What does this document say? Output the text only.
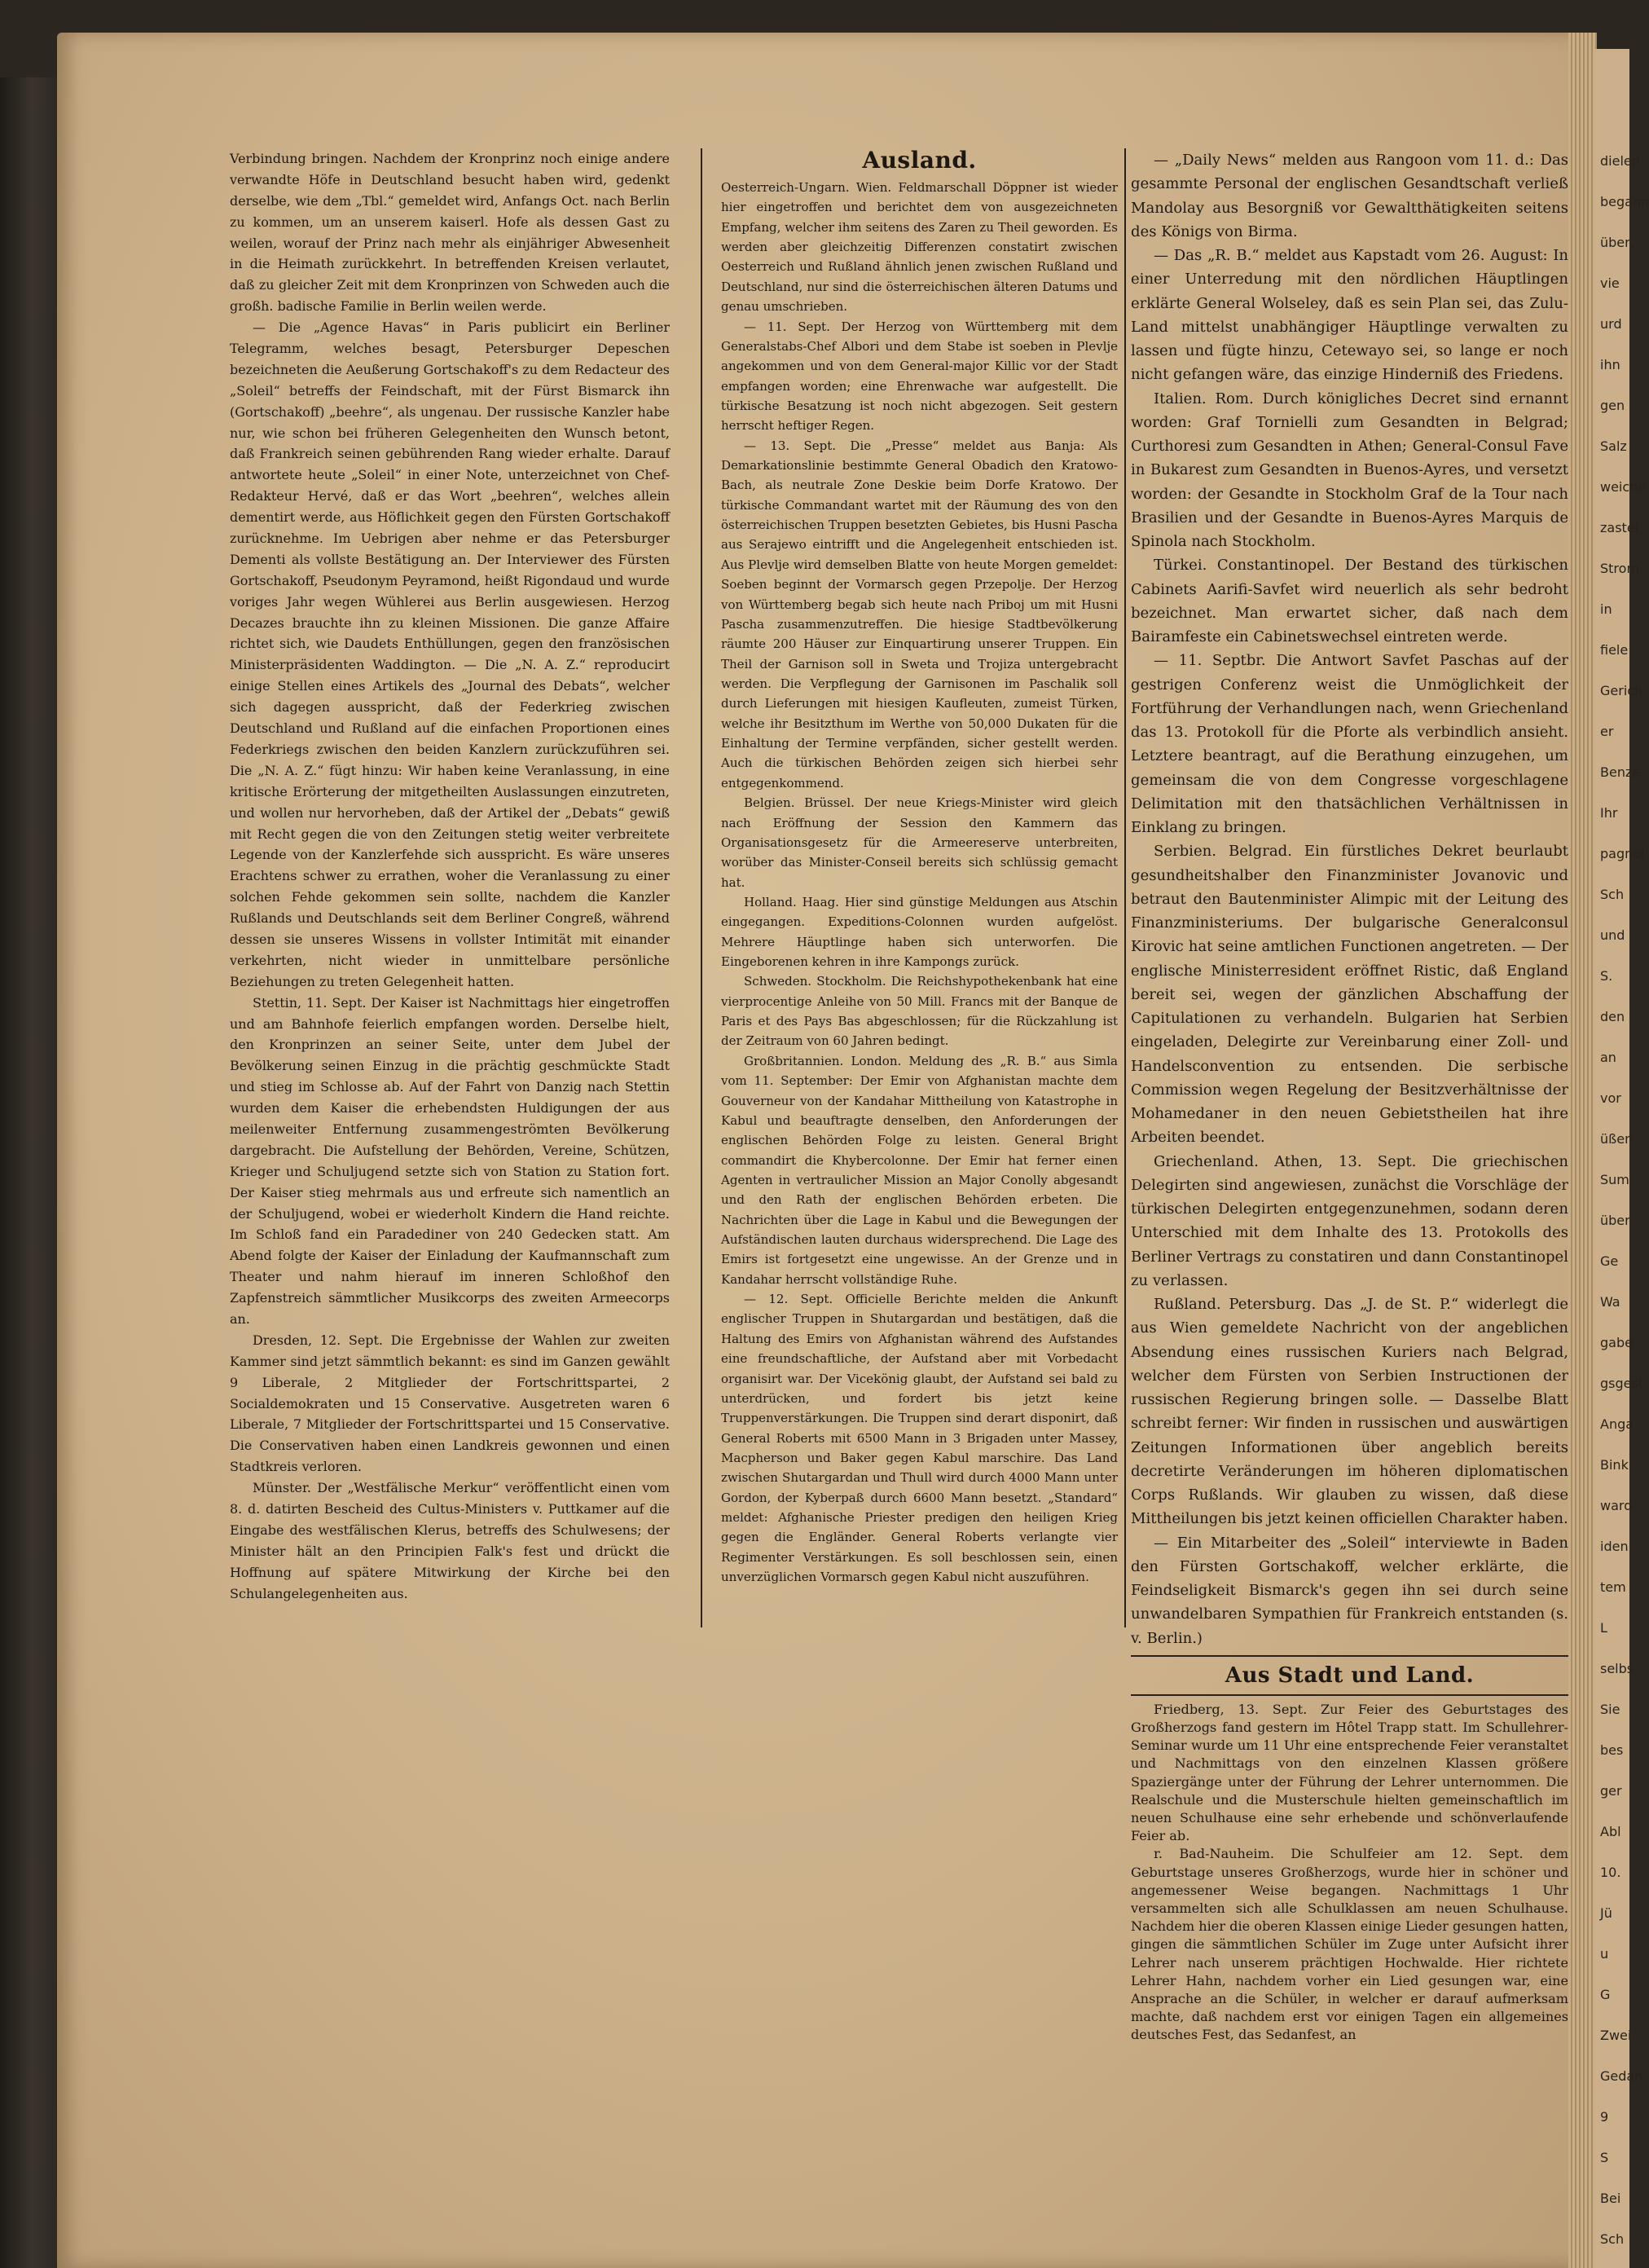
dielen
begann
über,
vie
urd
ihn
gen
Salz
weiche
zastel
Strom
in
fiele
Gerich
er
Benze
Ihr
pagnol
Sch
und
S.
den
an
vor
üßen
Sum
über
Ge
Wa
gabe
gsgest
Anga
Bink
ward
iden
tem
L
selbs
Sie
bes
ger
Abl
10.
Jü
u
G
Zwei
Gedan
9
S
Bei
Sch

Verbindung bringen. Nachdem der Kronprinz noch einige andere verwandte Höfe in Deutschland besucht haben wird, gedenkt derselbe, wie dem „Tbl.“ gemeldet wird, Anfangs Oct. nach Berlin zu kommen, um an unserem kaiserl. Hofe als dessen Gast zu weilen, worauf der Prinz nach mehr als einjähriger Abwesenheit in die Heimath zurückkehrt. In betreffenden Kreisen verlautet, daß zu gleicher Zeit mit dem Kronprinzen von Schweden auch die großh. badische Familie in Berlin weilen werde.

— Die „Agence Havas“ in Paris publicirt ein Berliner Telegramm, welches besagt, Petersburger Depeschen bezeichneten die Aeußerung Gortschakoff's zu dem Redacteur des „Soleil“ betreffs der Feindschaft, mit der Fürst Bismarck ihn (Gortschakoff) „beehre“, als ungenau. Der russische Kanzler habe nur, wie schon bei früheren Gelegenheiten den Wunsch betont, daß Frankreich seinen gebührenden Rang wieder erhalte. Darauf antwortete heute „Soleil“ in einer Note, unterzeichnet von Chef-Redakteur Hervé, daß er das Wort „beehren“, welches allein dementirt werde, aus Höflichkeit gegen den Fürsten Gortschakoff zurücknehme. Im Uebrigen aber nehme er das Petersburger Dementi als vollste Bestätigung an. Der Interviewer des Fürsten Gortschakoff, Pseudonym Peyramond, heißt Rigondaud und wurde voriges Jahr wegen Wühlerei aus Berlin ausgewiesen. Herzog Decazes brauchte ihn zu kleinen Missionen. Die ganze Affaire richtet sich, wie Daudets Enthüllungen, gegen den französischen Ministerpräsidenten Waddington. — Die „N. A. Z.“ reproducirt einige Stellen eines Artikels des „Journal des Debats“, welcher sich dagegen ausspricht, daß der Federkrieg zwischen Deutschland und Rußland auf die einfachen Proportionen eines Federkriegs zwischen den beiden Kanzlern zurückzuführen sei. Die „N. A. Z.“ fügt hinzu: Wir haben keine Veranlassung, in eine kritische Erörterung der mitgetheilten Auslassungen einzutreten, und wollen nur hervorheben, daß der Artikel der „Debats“ gewiß mit Recht gegen die von den Zeitungen stetig weiter verbreitete Legende von der Kanzlerfehde sich ausspricht. Es wäre unseres Erachtens schwer zu errathen, woher die Veranlassung zu einer solchen Fehde gekommen sein sollte, nachdem die Kanzler Rußlands und Deutschlands seit dem Berliner Congreß, während dessen sie unseres Wissens in vollster Intimität mit einander verkehrten, nicht wieder in unmittelbare persönliche Beziehungen zu treten Gelegenheit hatten.

Stettin, 11. Sept. Der Kaiser ist Nachmittags hier eingetroffen und am Bahnhofe feierlich empfangen worden. Derselbe hielt, den Kronprinzen an seiner Seite, unter dem Jubel der Bevölkerung seinen Einzug in die prächtig geschmückte Stadt und stieg im Schlosse ab. Auf der Fahrt von Danzig nach Stettin wurden dem Kaiser die erhebendsten Huldigungen der aus meilenweiter Entfernung zusammengeströmten Bevölkerung dargebracht. Die Aufstellung der Behörden, Vereine, Schützen, Krieger und Schuljugend setzte sich von Station zu Station fort. Der Kaiser stieg mehrmals aus und erfreute sich namentlich an der Schuljugend, wobei er wiederholt Kindern die Hand reichte. Im Schloß fand ein Paradediner von 240 Gedecken statt. Am Abend folgte der Kaiser der Einladung der Kaufmannschaft zum Theater und nahm hierauf im inneren Schloßhof den Zapfenstreich sämmtlicher Musikcorps des zweiten Armeecorps an.

Dresden, 12. Sept. Die Ergebnisse der Wahlen zur zweiten Kammer sind jetzt sämmtlich bekannt: es sind im Ganzen gewählt 9 Liberale, 2 Mitglieder der Fortschrittspartei, 2 Socialdemokraten und 15 Conservative. Ausgetreten waren 6 Liberale, 7 Mitglieder der Fortschrittspartei und 15 Conservative. Die Conservativen haben einen Landkreis gewonnen und einen Stadtkreis verloren.

Münster. Der „Westfälische Merkur“ veröffentlicht einen vom 8. d. datirten Bescheid des Cultus-Ministers v. Puttkamer auf die Eingabe des westfälischen Klerus, betreffs des Schulwesens; der Minister hält an den Principien Falk's fest und drückt die Hoffnung auf spätere Mitwirkung der Kirche bei den Schulangelegenheiten aus.

Ausland.

Oesterreich-Ungarn. Wien. Feldmarschall Döppner ist wieder hier eingetroffen und berichtet dem von ausgezeichneten Empfang, welcher ihm seitens des Zaren zu Theil geworden. Es werden aber gleichzeitig Differenzen constatirt zwischen Oesterreich und Rußland ähnlich jenen zwischen Rußland und Deutschland, nur sind die österreichischen älteren Datums und genau umschrieben.

— 11. Sept. Der Herzog von Württemberg mit dem Generalstabs-Chef Albori und dem Stabe ist soeben in Plevlje angekommen und von dem General-major Killic vor der Stadt empfangen worden; eine Ehrenwache war aufgestellt. Die türkische Besatzung ist noch nicht abgezogen. Seit gestern herrscht heftiger Regen.

— 13. Sept. Die „Presse“ meldet aus Banja: Als Demarkationslinie bestimmte General Obadich den Kratowo-Bach, als neutrale Zone Deskie beim Dorfe Kratowo. Der türkische Commandant wartet mit der Räumung des von den österreichischen Truppen besetzten Gebietes, bis Husni Pascha aus Serajewo eintrifft und die Angelegenheit entschieden ist. Aus Plevlje wird demselben Blatte von heute Morgen gemeldet: Soeben beginnt der Vormarsch gegen Przepolje. Der Herzog von Württemberg begab sich heute nach Priboj um mit Husni Pascha zusammenzutreffen. Die hiesige Stadtbevölkerung räumte 200 Häuser zur Einquartirung unserer Truppen. Ein Theil der Garnison soll in Sweta und Trojiza untergebracht werden. Die Verpflegung der Garnisonen im Paschalik soll durch Lieferungen mit hiesigen Kaufleuten, zumeist Türken, welche ihr Besitzthum im Werthe von 50,000 Dukaten für die Einhaltung der Termine verpfänden, sicher gestellt werden. Auch die türkischen Behörden zeigen sich hierbei sehr entgegenkommend.

Belgien. Brüssel. Der neue Kriegs-Minister wird gleich nach Eröffnung der Session den Kammern das Organisationsgesetz für die Armeereserve unterbreiten, worüber das Minister-Conseil bereits sich schlüssig gemacht hat.

Holland. Haag. Hier sind günstige Meldungen aus Atschin eingegangen. Expeditions-Colonnen wurden aufgelöst. Mehrere Häuptlinge haben sich unterworfen. Die Eingeborenen kehren in ihre Kampongs zurück.

Schweden. Stockholm. Die Reichshypothekenbank hat eine vierprocentige Anleihe von 50 Mill. Francs mit der Banque de Paris et des Pays Bas abgeschlossen; für die Rückzahlung ist der Zeitraum von 60 Jahren bedingt.

Großbritannien. London. Meldung des „R. B.“ aus Simla vom 11. September: Der Emir von Afghanistan machte dem Gouverneur von der Kandahar Mittheilung von Katastrophe in Kabul und beauftragte denselben, den Anforderungen der englischen Behörden Folge zu leisten. General Bright commandirt die Khybercolonne. Der Emir hat ferner einen Agenten in vertraulicher Mission an Major Conolly abgesandt und den Rath der englischen Behörden erbeten. Die Nachrichten über die Lage in Kabul und die Bewegungen der Aufständischen lauten durchaus widersprechend. Die Lage des Emirs ist fortgesetzt eine ungewisse. An der Grenze und in Kandahar herrscht vollständige Ruhe.

— 12. Sept. Officielle Berichte melden die Ankunft englischer Truppen in Shutargardan und bestätigen, daß die Haltung des Emirs von Afghanistan während des Aufstandes eine freundschaftliche, der Aufstand aber mit Vorbedacht organisirt war. Der Vicekönig glaubt, der Aufstand sei bald zu unterdrücken, und fordert bis jetzt keine Truppenverstärkungen. Die Truppen sind derart disponirt, daß General Roberts mit 6500 Mann in 3 Brigaden unter Massey, Macpherson und Baker gegen Kabul marschire. Das Land zwischen Shutargardan und Thull wird durch 4000 Mann unter Gordon, der Kyberpaß durch 6600 Mann besetzt. „Standard“ meldet: Afghanische Priester predigen den heiligen Krieg gegen die Engländer. General Roberts verlangte vier Regimenter Verstärkungen. Es soll beschlossen sein, einen unverzüglichen Vormarsch gegen Kabul nicht auszuführen.

— „Daily News“ melden aus Rangoon vom 11. d.: Das gesammte Personal der englischen Gesandtschaft verließ Mandolay aus Besorgniß vor Gewaltthätigkeiten seitens des Königs von Birma.

— Das „R. B.“ meldet aus Kapstadt vom 26. August: In einer Unterredung mit den nördlichen Häuptlingen erklärte General Wolseley, daß es sein Plan sei, das Zulu-Land mittelst unabhängiger Häuptlinge verwalten zu lassen und fügte hinzu, Cetewayo sei, so lange er noch nicht gefangen wäre, das einzige Hinderniß des Friedens.

Italien. Rom. Durch königliches Decret sind ernannt worden: Graf Tornielli zum Gesandten in Belgrad; Curthoresi zum Gesandten in Athen; General-Consul Fave in Bukarest zum Gesandten in Buenos-Ayres, und versetzt worden: der Gesandte in Stockholm Graf de la Tour nach Brasilien und der Gesandte in Buenos-Ayres Marquis de Spinola nach Stockholm.

Türkei. Constantinopel. Der Bestand des türkischen Cabinets Aarifi-Savfet wird neuerlich als sehr bedroht bezeichnet. Man erwartet sicher, daß nach dem Bairamfeste ein Cabinetswechsel eintreten werde.

— 11. Septbr. Die Antwort Savfet Paschas auf der gestrigen Conferenz weist die Unmöglichkeit der Fortführung der Verhandlungen nach, wenn Griechenland das 13. Protokoll für die Pforte als verbindlich ansieht. Letztere beantragt, auf die Berathung einzugehen, um gemeinsam die von dem Congresse vorgeschlagene Delimitation mit den thatsächlichen Verhältnissen in Einklang zu bringen.

Serbien. Belgrad. Ein fürstliches Dekret beurlaubt gesundheitshalber den Finanzminister Jovanovic und betraut den Bautenminister Alimpic mit der Leitung des Finanzministeriums. Der bulgarische Generalconsul Kirovic hat seine amtlichen Functionen angetreten. — Der englische Ministerresident eröffnet Ristic, daß England bereit sei, wegen der gänzlichen Abschaffung der Capitulationen zu verhandeln. Bulgarien hat Serbien eingeladen, Delegirte zur Vereinbarung einer Zoll- und Handelsconvention zu entsenden. Die serbische Commission wegen Regelung der Besitzverhältnisse der Mohamedaner in den neuen Gebietstheilen hat ihre Arbeiten beendet.

Griechenland. Athen, 13. Sept. Die griechischen Delegirten sind angewiesen, zunächst die Vorschläge der türkischen Delegirten entgegenzunehmen, sodann deren Unterschied mit dem Inhalte des 13. Protokolls des Berliner Vertrags zu constatiren und dann Constantinopel zu verlassen.

Rußland. Petersburg. Das „J. de St. P.“ widerlegt die aus Wien gemeldete Nachricht von der angeblichen Absendung eines russischen Kuriers nach Belgrad, welcher dem Fürsten von Serbien Instructionen der russischen Regierung bringen solle. — Dasselbe Blatt schreibt ferner: Wir finden in russischen und auswärtigen Zeitungen Informationen über angeblich bereits decretirte Veränderungen im höheren diplomatischen Corps Rußlands. Wir glauben zu wissen, daß diese Mittheilungen bis jetzt keinen officiellen Charakter haben.

— Ein Mitarbeiter des „Soleil“ interviewte in Baden den Fürsten Gortschakoff, welcher erklärte, die Feindseligkeit Bismarck's gegen ihn sei durch seine unwandelbaren Sympathien für Frankreich entstanden (s. v. Berlin.)

Aus Stadt und Land.

Friedberg, 13. Sept. Zur Feier des Geburtstages des Großherzogs fand gestern im Hôtel Trapp statt. Im Schullehrer-Seminar wurde um 11 Uhr eine entsprechende Feier veranstaltet und Nachmittags von den einzelnen Klassen größere Spaziergänge unter der Führung der Lehrer unternommen. Die Realschule und die Musterschule hielten gemeinschaftlich im neuen Schulhause eine sehr erhebende und schönverlaufende Feier ab.

r. Bad-Nauheim. Die Schulfeier am 12. Sept. dem Geburtstage unseres Großherzogs, wurde hier in schöner und angemessener Weise begangen. Nachmittags 1 Uhr versammelten sich alle Schulklassen am neuen Schulhause. Nachdem hier die oberen Klassen einige Lieder gesungen hatten, gingen die sämmtlichen Schüler im Zuge unter Aufsicht ihrer Lehrer nach unserem prächtigen Hochwalde. Hier richtete Lehrer Hahn, nachdem vorher ein Lied gesungen war, eine Ansprache an die Schüler, in welcher er darauf aufmerksam machte, daß nachdem erst vor einigen Tagen ein allgemeines deutsches Fest, das Sedanfest, an
